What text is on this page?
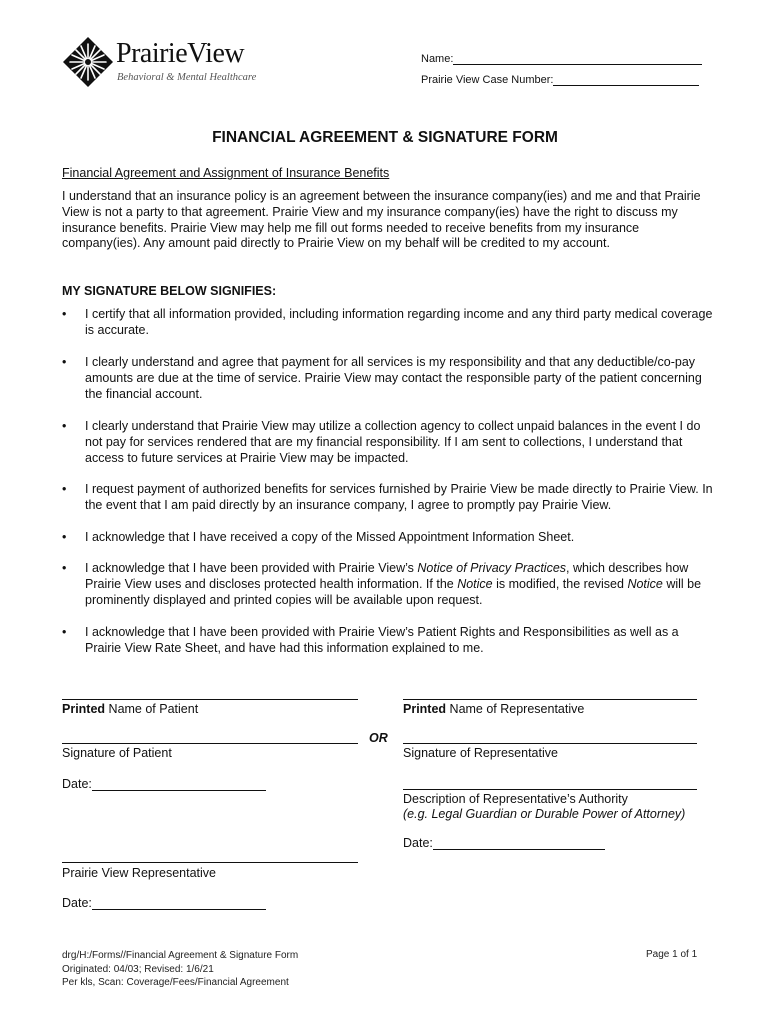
PrairieView
Behavioral & Mental Healthcare
Name:
Prairie View Case Number:
FINANCIAL AGREEMENT & SIGNATURE FORM
Financial Agreement and Assignment of Insurance Benefits
I understand that an insurance policy is an agreement between the insurance company(ies) and me and that Prairie View is not a party to that agreement. Prairie View and my insurance company(ies) have the right to discuss my insurance benefits. Prairie View may help me fill out forms needed to receive benefits from my insurance company(ies). Any amount paid directly to Prairie View on my behalf will be credited to my account.
MY SIGNATURE BELOW SIGNIFIES:
• I certify that all information provided, including information regarding income and any third party medical coverage is accurate.
• I clearly understand and agree that payment for all services is my responsibility and that any deductible/co-pay amounts are due at the time of service. Prairie View may contact the responsible party of the patient concerning the financial account.
• I clearly understand that Prairie View may utilize a collection agency to collect unpaid balances in the event I do not pay for services rendered that are my financial responsibility. If I am sent to collections, I understand that access to future services at Prairie View may be impacted.
• I request payment of authorized benefits for services furnished by Prairie View be made directly to Prairie View. In the event that I am paid directly by an insurance company, I agree to promptly pay Prairie View.
• I acknowledge that I have received a copy of the Missed Appointment Information Sheet.
• I acknowledge that I have been provided with Prairie View’s Notice of Privacy Practices, which describes how Prairie View uses and discloses protected health information. If the Notice is modified, the revised Notice will be prominently displayed and printed copies will be available upon request.
• I acknowledge that I have been provided with Prairie View’s Patient Rights and Responsibilities as well as a Prairie View Rate Sheet, and have had this information explained to me.
Printed Name of Patient
Signature of Patient
Date:
Prairie View Representative
Date:
OR
Printed Name of Representative
Signature of Representative
Description of Representative’s Authority
(e.g. Legal Guardian or Durable Power of Attorney)
Date:
drg/H:/Forms//Financial Agreement & Signature Form
Originated: 04/03; Revised: 1/6/21
Per kls, Scan: Coverage/Fees/Financial Agreement
Page 1 of 1
